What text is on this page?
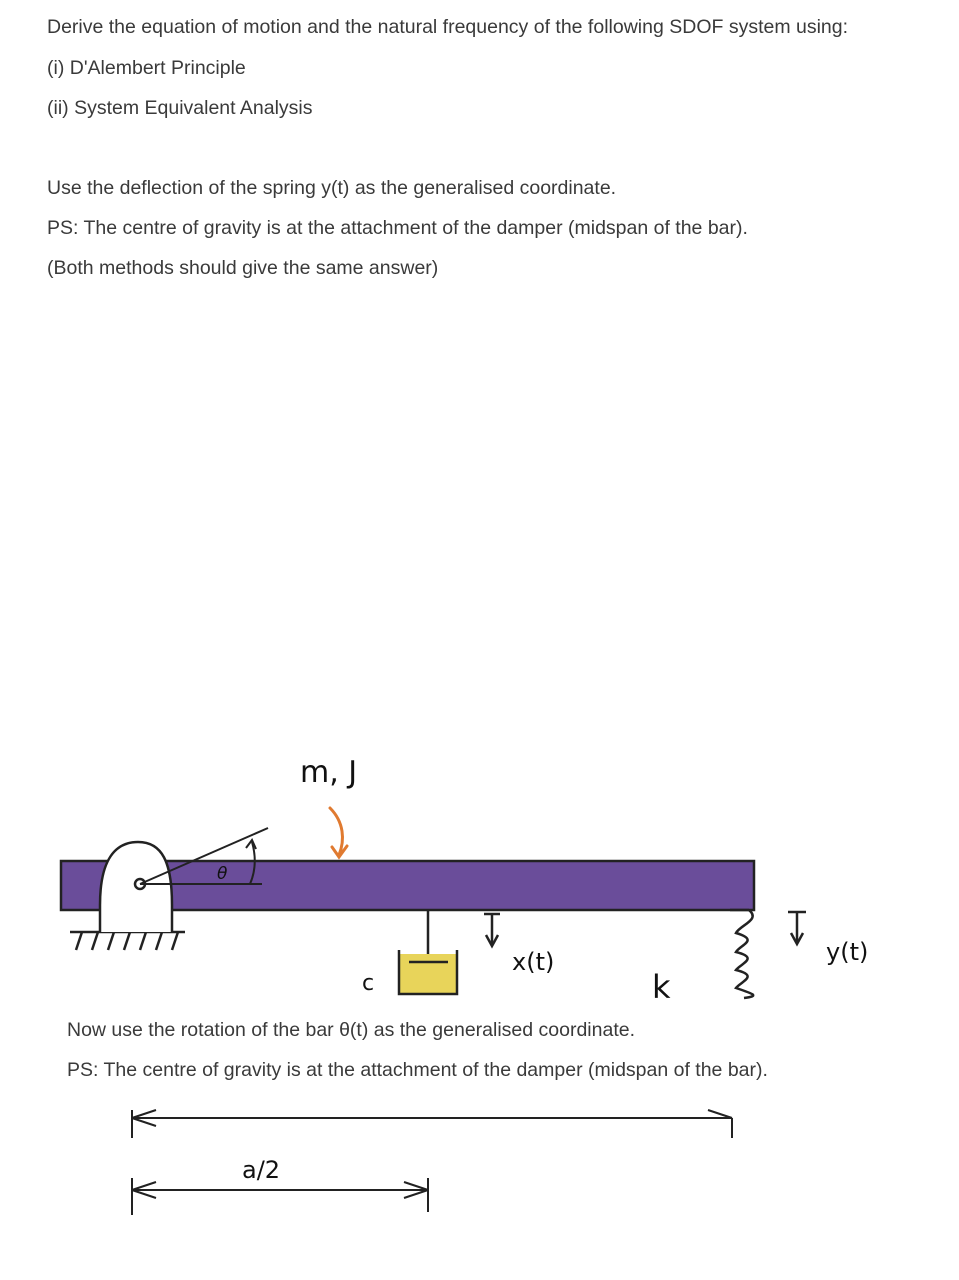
Derive the equation of motion and the natural frequency of the following SDOF system using:
(i) D'Alembert Principle
(ii) System Equivalent Analysis
Use the deflection of the spring y(t) as the generalised coordinate.
PS: The centre of gravity is at the attachment of the damper (midspan of the bar).
(Both methods should give the same answer)
θ
m, J
c
x(t)
k
y(t)
a/2
Now use the rotation of the bar θ(t) as the generalised coordinate.
PS: The centre of gravity is at the attachment of the damper (midspan of the bar).
